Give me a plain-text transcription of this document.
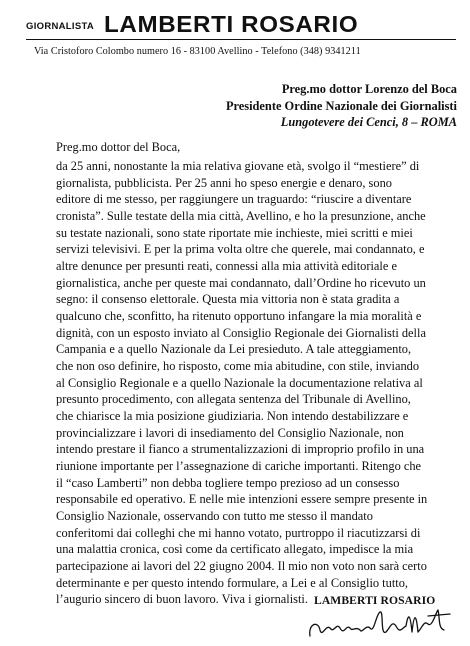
GIORNALISTA LAMBERTI ROSARIO
Via Cristoforo Colombo numero 16 - 83100 Avellino - Telefono (348) 9341211
Preg.mo dottor Lorenzo del Boca
Presidente Ordine Nazionale dei Giornalisti
Lungotevere dei Cenci, 8 – ROMA
Preg.mo dottor del Boca,
da 25 anni, nonostante la mia relativa giovane età, svolgo il “mestiere” di
giornalista, pubblicista. Per 25 anni ho speso energie e denaro, sono
editore di me stesso, per raggiungere un traguardo: “riuscire a diventare
cronista”. Sulle testate della mia città, Avellino, e ho la presunzione, anche
su testate nazionali, sono state riportate mie inchieste, miei scritti e miei
servizi televisivi. E per la prima volta oltre che querele, mai condannato, e
altre denunce per presunti reati, connessi alla mia attività editoriale e
giornalistica, anche per queste mai condannato, dall’Ordine ho ricevuto un
segno: il consenso elettorale. Questa mia vittoria non è stata gradita a
qualcuno che, sconfitto, ha ritenuto opportuno infangare la mia moralità e
dignità, con un esposto inviato al Consiglio Regionale dei Giornalisti della
Campania e a quello Nazionale da Lei presieduto. A tale atteggiamento,
che non oso definire, ho risposto, come mia abitudine, con stile, inviando
al Consiglio Regionale e a quello Nazionale la documentazione relativa al
presunto procedimento, con allegata sentenza del Tribunale di Avellino,
che chiarisce la mia posizione giudiziaria. Non intendo destabilizzare e
provincializzare i lavori di insediamento del Consiglio Nazionale, non
intendo prestare il fianco a strumentalizzazioni di improprio profilo in una
riunione importante per l’assegnazione di cariche importanti. Ritengo che
il “caso Lamberti” non debba togliere tempo prezioso ad un consesso
responsabile ed operativo. E nelle mie intenzioni essere sempre presente in
Consiglio Nazionale, osservando con tutto me stesso il mandato
conferitomi dai colleghi che mi hanno votato, purtroppo il riacutizzarsi di
una malattia cronica, così come da certificato allegato, impedisce la mia
partecipazione ai lavori del 22 giugno 2004. Il mio non voto non sarà certo
determinante e per questo intendo formulare, a Lei e al Consiglio tutto,
l’augurio sincero di buon lavoro. Viva i giornalisti. LAMBERTI ROSARIO
